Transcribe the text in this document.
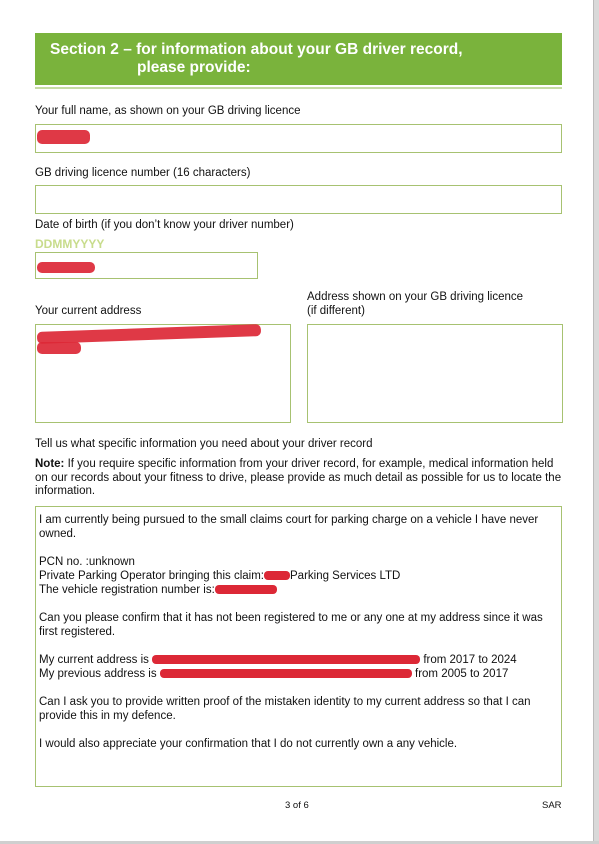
Section 2 – for information about your GB driver record,
please provide:
Your full name, as shown on your GB driving licence
GB driving licence number (16 characters)
Date of birth (if you don’t know your driver number)
DDMMYYYY
Your current address
Address shown on your GB driving licence
(if different)
Tell us what specific information you need about your driver record
Note: If you require specific information from your driver record, for example, medical information held on our records about your fitness to drive, please provide as much detail as possible for us to locate the information.

I am currently being pursued to the small claims court for parking charge on a vehicle I have never owned.

PCN no. :unknown

Private Parking Operator bringing this claim: Parking Services LTD

The vehicle registration number is:

Can you please confirm that it has not been registered to me or any one at my address since it was first registered.

My current address is	from 2017 to 2024

My previous address is	from 2005 to 2017

Can I ask you to provide written proof of the mistaken identity to my current address so that I can provide this in my defence.

I would also appreciate your confirmation that I do not currently own a any vehicle.

3 of 6	SAR
